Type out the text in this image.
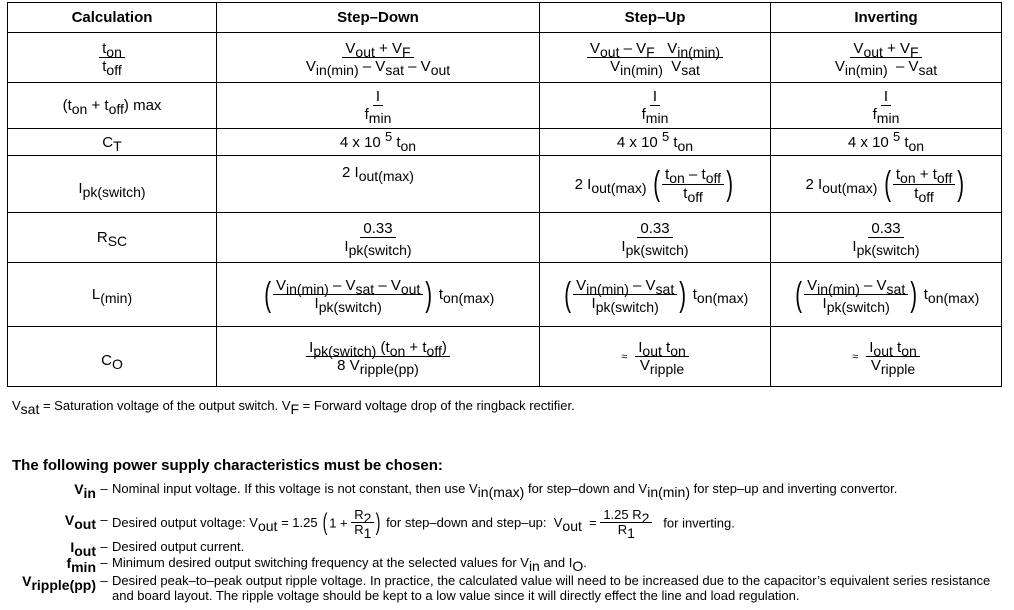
Calculation	Step–Down	Step–Up	Inverting

$\frac{t_{on}}{t_{off}}$	$\frac{V_{out} + V_F}{V_{in(min)} - V_{sat} - V_{out}}$	$\frac{V_{out} - V_F V_{in(min)}}{V_{in(min)} V_{sat}}$	$\frac{V_{out} + V_F}{V_{in(min)} - V_{sat}}$

$(t_{on} + t_{off})$ max	$\frac{I}{f_{min}}$	$\frac{I}{f_{min}}$	$\frac{I}{f_{min}}$

$C_T$	4 x 10 $^5$ $t_{on}$	4 x 10 $^5$ $t_{on}$	4 x 10 $^5$ $t_{on}$
$I_{pk(switch)}$	2 $I_{out(max)}$	2 $I_{out(max)}$ ( $\frac{t_{on} - t_{off}}{t_{off}}$ )	2 $I_{out(max)}$ ( $\frac{t_{on} + t_{off}}{t_{off}}$ )
$R_{SC}$	$\frac{0.33}{I_{pk(switch)}}$	$\frac{0.33}{I_{pk(switch)}}$	$\frac{0.33}{I_{pk(switch)}}$

$L_{(min)}$	( $\frac{V_{in(min)} - V_{sat} - V_{out}}{I_{pk(switch)}}$ ) $t_{on(max)}$	( $\frac{V_{in(min)} - V_{sat}}{I_{pk(switch)}}$ ) $t_{on(max)}$	( $\frac{V_{in(min)} - V_{sat}}{I_{pk(switch)}}$ ) $t_{on(max)}$
$C_O$	$\frac{I_{pk(switch)} (t_{on} + t_{off})}{8 V_{ripple(pp)}}$	≈ $\frac{I_{out} t_{on}}{V_{ripple}}$	≈ $\frac{I_{out} t_{on}}{V_{ripple}}$
$V_{sat}$ = Saturation voltage of the output switch. $V_F$ = Forward voltage drop of the ringback rectifier.
The following power supply characteristics must be chosen:
$V_{in}$ – Nominal input voltage. If this voltage is not constant, then use $V_{in(max)}$ for step–down and $V_{in(min)}$ for step–up and inverting convertor.
$V_{out}$ – Desired output voltage: $V_{out} = 1.25$ ( $1 + \frac{R_2}{R_1}$ ) for step–down and step–up:  $V_{out} = \frac{1.25 R_2}{R_1}$ for inverting.
$I_{out}$ – Desired output current.
$f_{min}$ – Minimum desired output switching frequency at the selected values for $V_{in}$ and $I_O$.
$V_{ripple(pp)}$ – Desired peak–to–peak output ripple voltage. In practice, the calculated value will need to be increased due to the capacitor’s equivalent series resistance and board layout. The ripple voltage should be kept to a low value since it will directly effect the line and load regulation.
